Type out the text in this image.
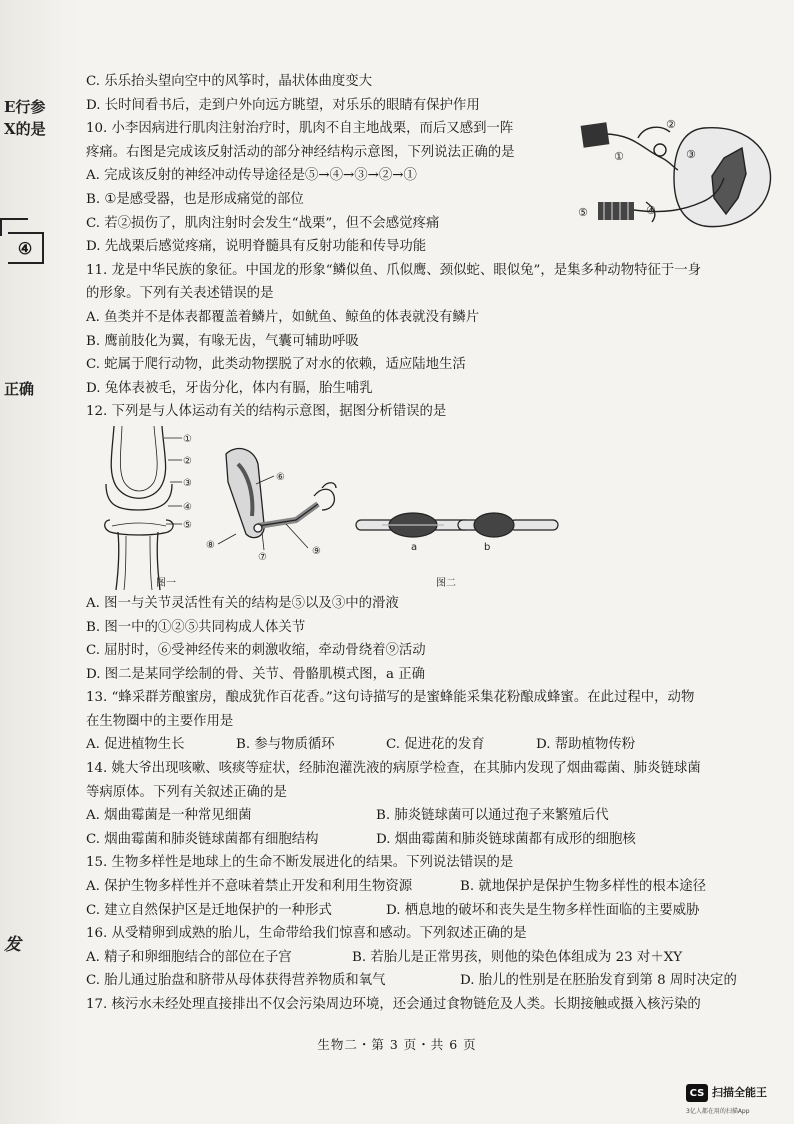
E行参
X的是
④
正确
发
C. 乐乐抬头望向空中的风筝时，晶状体曲度变大
D. 长时间看书后，走到户外向远方眺望，对乐乐的眼睛有保护作用
10. 小李因病进行肌肉注射治疗时，肌肉不自主地战栗，而后又感到一阵
疼痛。右图是完成该反射活动的部分神经结构示意图，下列说法正确的是
A. 完成该反射的神经冲动传导途径是⑤→④→③→②→①
B. ①是感受器，也是形成痛觉的部位
C. 若②损伤了，肌肉注射时会发生“战栗”，但不会感觉疼痛
D. 先战栗后感觉疼痛，说明脊髓具有反射功能和传导功能
11. 龙是中华民族的象征。中国龙的形象“鳞似鱼、爪似鹰、颈似蛇、眼似兔”，是集多种动物特征于一身
的形象。下列有关表述错误的是
A. 鱼类并不是体表都覆盖着鳞片，如鱿鱼、鲸鱼的体表就没有鳞片
B. 鹰前肢化为翼，有喙无齿，气囊可辅助呼吸
C. 蛇属于爬行动物，此类动物摆脱了对水的依赖，适应陆地生活
D. 兔体表被毛，牙齿分化，体内有膈，胎生哺乳
12. 下列是与人体运动有关的结构示意图，据图分析错误的是
①
②
③
④
⑤
⑥
⑧
⑦
⑨	a	b
图一	图二
A. 图一与关节灵活性有关的结构是⑤以及③中的滑液
B. 图一中的①②⑤共同构成人体关节
C. 屈肘时，⑥受神经传来的刺激收缩，牵动骨绕着⑨活动
D. 图二是某同学绘制的骨、关节、骨骼肌模式图，a 正确
13. “蜂采群芳酿蜜房，酿成犹作百花香。”这句诗描写的是蜜蜂能采集花粉酿成蜂蜜。在此过程中，动物
在生物圈中的主要作用是
A. 促进植物生长	B. 参与物质循环	C. 促进花的发育	D. 帮助植物传粉
14. 姚大爷出现咳嗽、咳痰等症状，经肺泡灌洗液的病原学检查，在其肺内发现了烟曲霉菌、肺炎链球菌
等病原体。下列有关叙述正确的是
A. 烟曲霉菌是一种常见细菌	B. 肺炎链球菌可以通过孢子来繁殖后代
C. 烟曲霉菌和肺炎链球菌都有细胞结构	D. 烟曲霉菌和肺炎链球菌都有成形的细胞核
15. 生物多样性是地球上的生命不断发展进化的结果。下列说法错误的是
A. 保护生物多样性并不意味着禁止开发和利用生物资源	B. 就地保护是保护生物多样性的根本途径
C. 建立自然保护区是迁地保护的一种形式	D. 栖息地的破坏和丧失是生物多样性面临的主要威胁
16. 从受精卵到成熟的胎儿，生命带给我们惊喜和感动。下列叙述正确的是
A. 精子和卵细胞结合的部位在子宫	B. 若胎儿是正常男孩，则他的染色体组成为 23 对＋XY
C. 胎儿通过胎盘和脐带从母体获得营养物质和氧气	D. 胎儿的性别是在胚胎发育到第 8 周时决定的
17. 核污水未经处理直接排出不仅会污染周边环境，还会通过食物链危及人类。长期接触或摄入核污染的
①
②
③
④
⑤
生物二・第 3 页・共 6 页
CS 扫描全能王
3亿人都在用的扫描App
